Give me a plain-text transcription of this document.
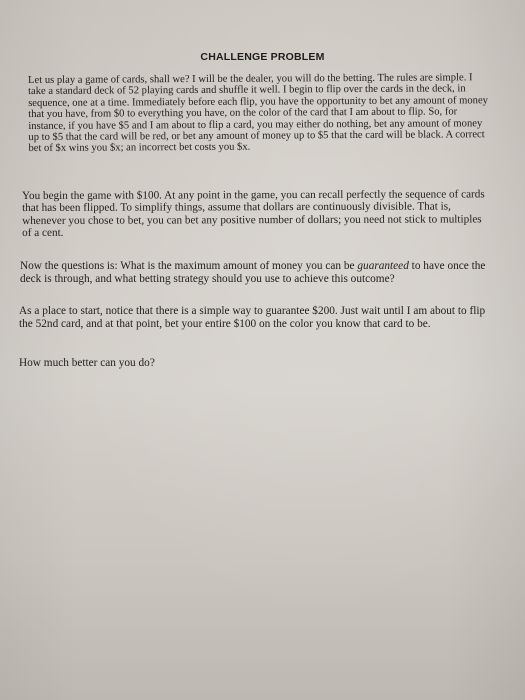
CHALLENGE PROBLEM

Let us play a game of cards, shall we? I will be the dealer, you will do the betting. The rules are simple. I take a standard deck of 52 playing cards and shuffle it well. I begin to flip over the cards in the deck, in sequence, one at a time. Immediately before each flip, you have the opportunity to bet any amount of money that you have, from $0 to everything you have, on the color of the card that I am about to flip. So, for instance, if you have $5 and I am about to flip a card, you may either do nothing, bet any amount of money up to $5 that the card will be red, or bet any amount of money up to $5 that the card will be black. A correct bet of $x wins you $x; an incorrect bet costs you $x.

You begin the game with $100. At any point in the game, you can recall perfectly the sequence of cards that has been flipped. To simplify things, assume that dollars are continuously divisible. That is, whenever you chose to bet, you can bet any positive number of dollars; you need not stick to multiples of a cent.

Now the questions is: What is the maximum amount of money you can be guaranteed to have once the deck is through, and what betting strategy should you use to achieve this outcome?

As a place to start, notice that there is a simple way to guarantee $200. Just wait until I am about to flip the 52nd card, and at that point, bet your entire $100 on the color you know that card to be.

How much better can you do?
